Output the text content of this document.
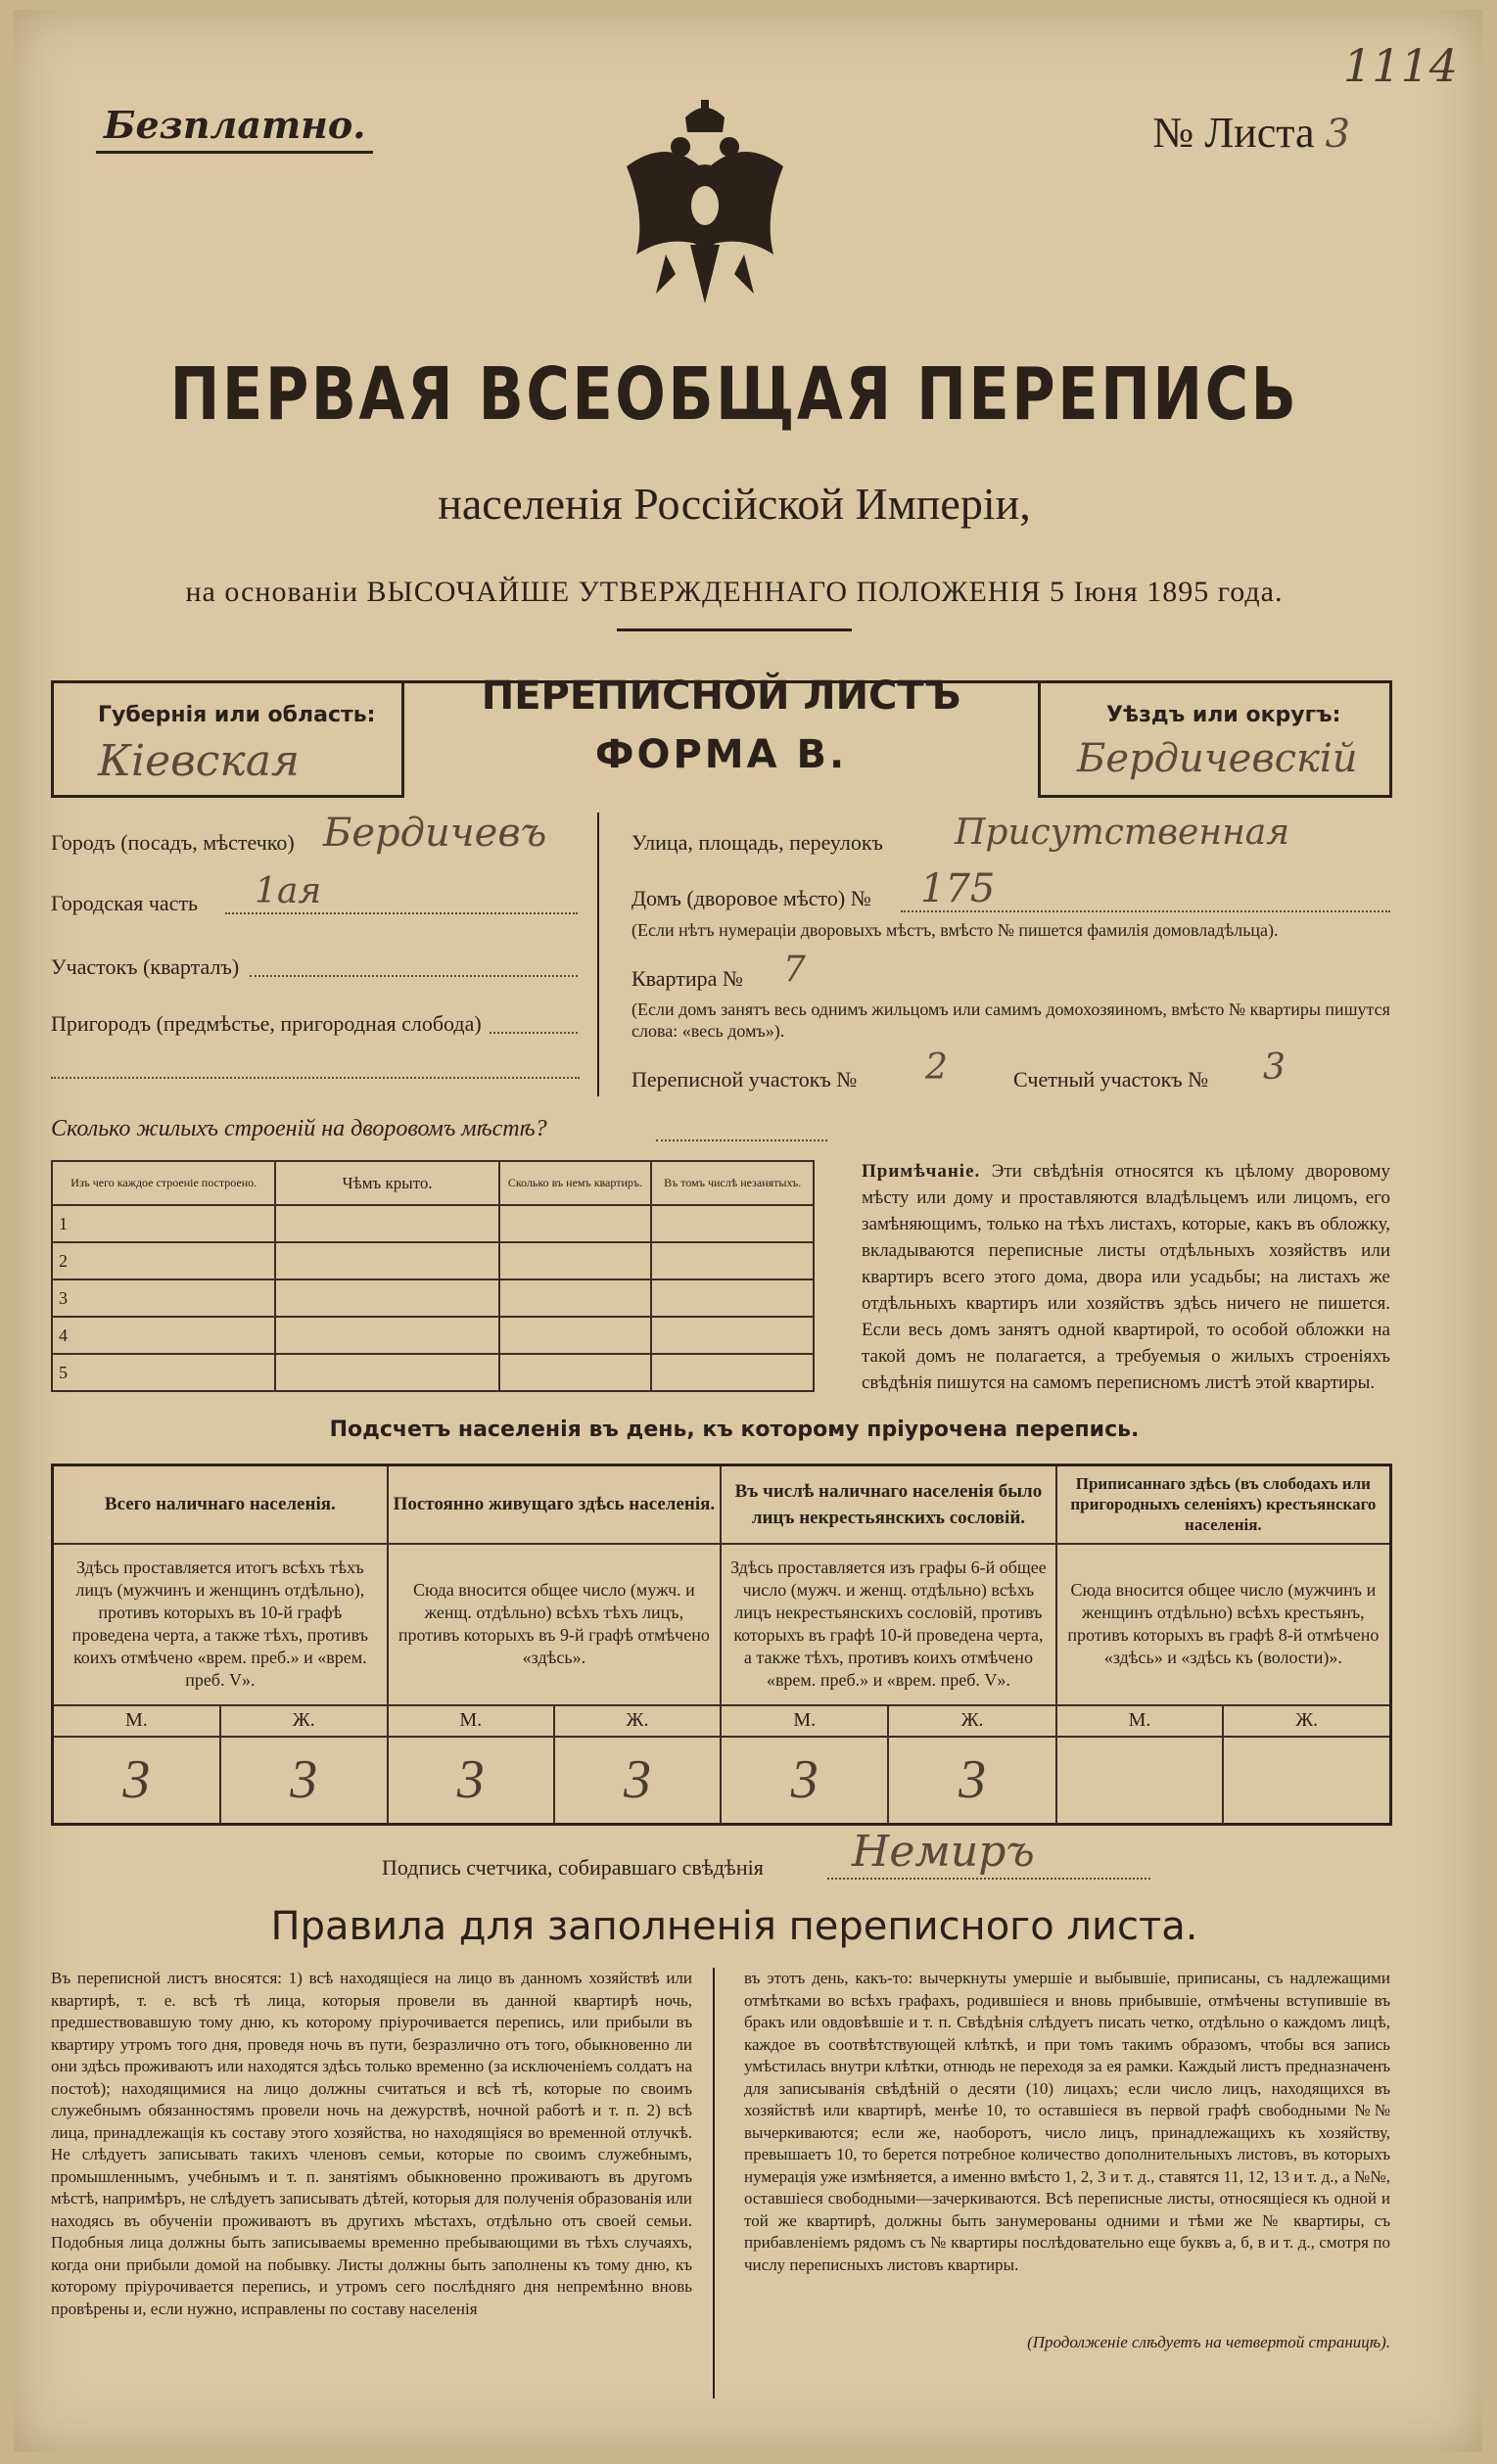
Безплатно.
1114
№ Листа 3
ПЕРВАЯ ВСЕОБЩАЯ ПЕРЕПИСЬ
населенія Россійской Имперіи,
на основаніи ВЫСОЧАЙШЕ УТВЕРЖДЕННАГО ПОЛОЖЕНІЯ 5 Іюня 1895 года.
Губернія или область:
Кіевская
ПЕРЕПИСНОЙ ЛИСТЪ
ФОРМА В.
Уѣздъ или округъ:
Бердичевскій
Городъ (посадъ, мѣстечко) Бердичевъ
Городская часть 1ая
Участокъ (кварталъ)
Пригородъ (предмѣстье, пригородная слобода)
Улица, площадь, переулокъ Присутственная
Домъ (дворовое мѣсто) № 175
(Если нѣтъ нумераціи дворовыхъ мѣстъ, вмѣсто № пишется фамилія домовладѣльца).
Квартира № 7
(Если домъ занятъ весь однимъ жильцомъ или самимъ домохозяиномъ, вмѣсто № квартиры пишутся слова: «весь домъ»).
Переписной участокъ № 2	Счетный участокъ № 3
Сколько жилыхъ строеній на дворовомъ мѣстѣ?
Изъ чего каждое строеніе построено.	Чѣмъ крыто.	Сколько въ немъ квартиръ.	Въ томъ числѣ незанятыхъ.
1			
2			
3			
4			
5			
Примѣчаніе. Эти свѣдѣнія относятся къ цѣлому дворовому мѣсту или дому и проставляются владѣльцемъ или лицомъ, его замѣняющимъ, только на тѣхъ листахъ, которые, какъ въ обложку, вкладываются переписные листы отдѣльныхъ хозяйствъ или квартиръ всего этого дома, двора или усадьбы; на листахъ же отдѣльныхъ квартиръ или хозяйствъ здѣсь ничего не пишется. Если весь домъ занятъ одной квартирой, то особой обложки на такой домъ не полагается, а требуемыя о жилыхъ строеніяхъ свѣдѣнія пишутся на самомъ переписномъ листѣ этой квартиры.
Подсчетъ населенія въ день, къ которому пріурочена перепись.
Всего наличнаго населенія.		Постоянно живущаго здѣсь населенія.		Въ числѣ наличнаго населенія было лицъ некрестьянскихъ сословій.		Приписаннаго здѣсь (въ слободахъ или пригородныхъ селеніяхъ) крестьянскаго населенія.	
Здѣсь проставляется итогъ всѣхъ тѣхъ лицъ (мужчинъ и женщинъ отдѣльно), противъ которыхъ въ 10-й графѣ проведена черта, а также тѣхъ, противъ коихъ отмѣчено «врем. преб.» и «врем. преб. V».		Сюда вносится общее число (мужч. и женщ. отдѣльно) всѣхъ тѣхъ лицъ, противъ которыхъ въ 9-й графѣ отмѣчено «здѣсь».		Здѣсь проставляется изъ графы 6-й общее число (мужч. и женщ. отдѣльно) всѣхъ лицъ некрестьянскихъ сословій, противъ которыхъ въ графѣ 10-й проведена черта, а также тѣхъ, противъ коихъ отмѣчено «врем. преб.» и «врем. преб. V».		Сюда вносится общее число (мужчинъ и женщинъ отдѣльно) всѣхъ крестьянъ, противъ которыхъ въ графѣ 8-й отмѣчено «здѣсь» и «здѣсь къ (волости)».	
М.	Ж.	М.	Ж.	М.	Ж.	М.	Ж.
3	3	3	3	3	3		
Подпись счетчика, собиравшаго свѣдѣнія Немиръ
Правила для заполненія переписного листа.
Въ переписной листъ вносятся: 1) всѣ находящіеся на лицо въ данномъ хозяйствѣ или квартирѣ, т. е. всѣ тѣ лица, которыя провели въ данной квартирѣ ночь, предшествовавшую тому дню, къ которому пріурочивается перепись, или прибыли въ квартиру утромъ того дня, проведя ночь въ пути, безразлично отъ того, обыкновенно ли они здѣсь проживаютъ или находятся здѣсь только временно (за исключеніемъ солдатъ на постоѣ); находящимися на лицо должны считаться и всѣ тѣ, которые по своимъ служебнымъ обязанностямъ провели ночь на дежурствѣ, ночной работѣ и т. п. 2) всѣ лица, принадлежащія къ составу этого хозяйства, но находящіяся во временной отлучкѣ. Не слѣдуетъ записывать такихъ членовъ семьи, которые по своимъ служебнымъ, промышленнымъ, учебнымъ и т. п. занятіямъ обыкновенно проживаютъ въ другомъ мѣстѣ, напримѣръ, не слѣдуетъ записывать дѣтей, которыя для полученія образованія или находясь въ обученіи проживаютъ въ другихъ мѣстахъ, отдѣльно отъ своей семьи. Подобныя лица должны быть записываемы временно пребывающими въ тѣхъ случаяхъ, когда они прибыли домой на побывку. Листы должны быть заполнены къ тому дню, къ которому пріурочивается перепись, и утромъ сего послѣдняго дня непремѣнно вновь провѣрены и, если нужно, исправлены по составу населенія
въ этотъ день, какъ-то: вычеркнуты умершіе и выбывшіе, приписаны, съ надлежащими отмѣтками во всѣхъ графахъ, родившіеся и вновь прибывшіе, отмѣчены вступившіе въ бракъ или овдовѣвшіе и т. п. Свѣдѣнія слѣдуетъ писать четко, отдѣльно о каждомъ лицѣ, каждое въ соотвѣтствующей клѣткѣ, и при томъ такимъ образомъ, чтобы вся запись умѣстилась внутри клѣтки, отнюдь не переходя за ея рамки. Каждый листъ предназначенъ для записыванія свѣдѣній о десяти (10) лицахъ; если число лицъ, находящихся въ хозяйствѣ или квартирѣ, менѣе 10, то оставшіеся въ первой графѣ свободными №№ вычеркиваются; если же, наоборотъ, число лицъ, принадлежащихъ къ хозяйству, превышаетъ 10, то берется потребное количество дополнительныхъ листовъ, въ которыхъ нумерація уже измѣняется, а именно вмѣсто 1, 2, 3 и т. д., ставятся 11, 12, 13 и т. д., а №№, оставшіеся свободными—зачеркиваются. Всѣ переписные листы, относящіеся къ одной и той же квартирѣ, должны быть занумерованы одними и тѣми же № квартиры, съ прибавленіемъ рядомъ съ № квартиры послѣдовательно еще буквъ а, б, в и т. д., смотря по числу переписныхъ листовъ квартиры.
(Продолженіе слѣдуетъ на четвертой страницѣ).
